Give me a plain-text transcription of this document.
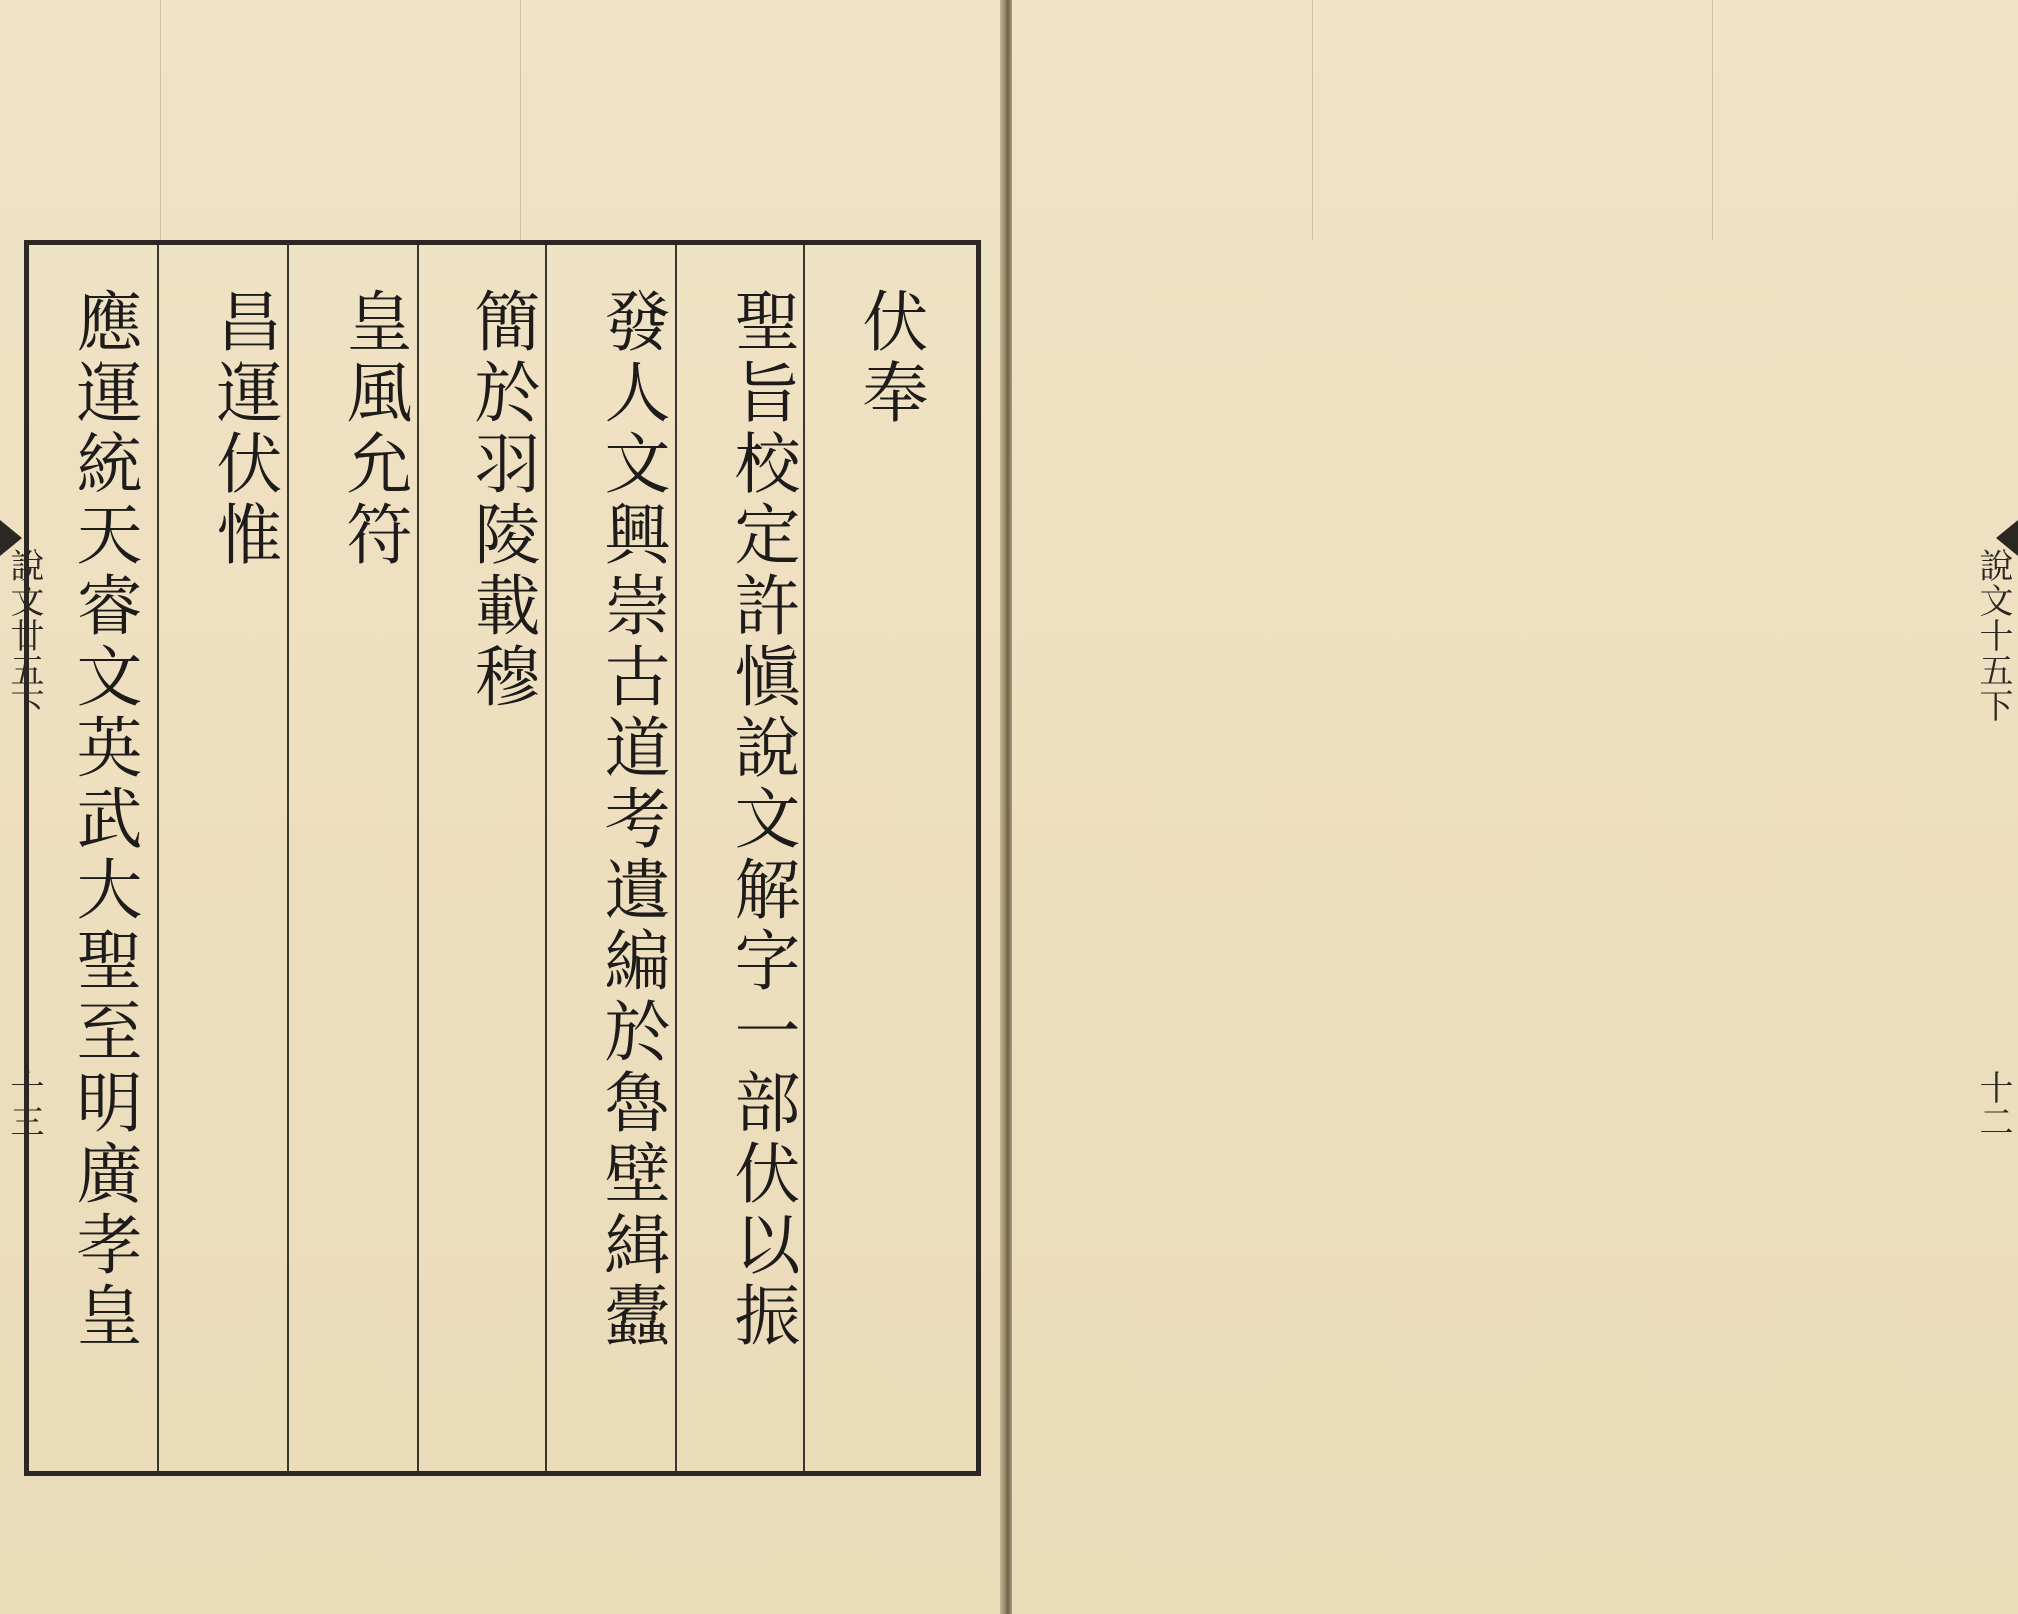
伏奉
聖旨校定許愼說文解字一部伏以振
發人文興崇古道考遺編於魯壁緝蠹
簡於羽陵載穆
皇風允符
昌運伏惟
應運統天睿文英武大聖至明廣孝皇
說文廿五下
十三
說文十五下
十二
